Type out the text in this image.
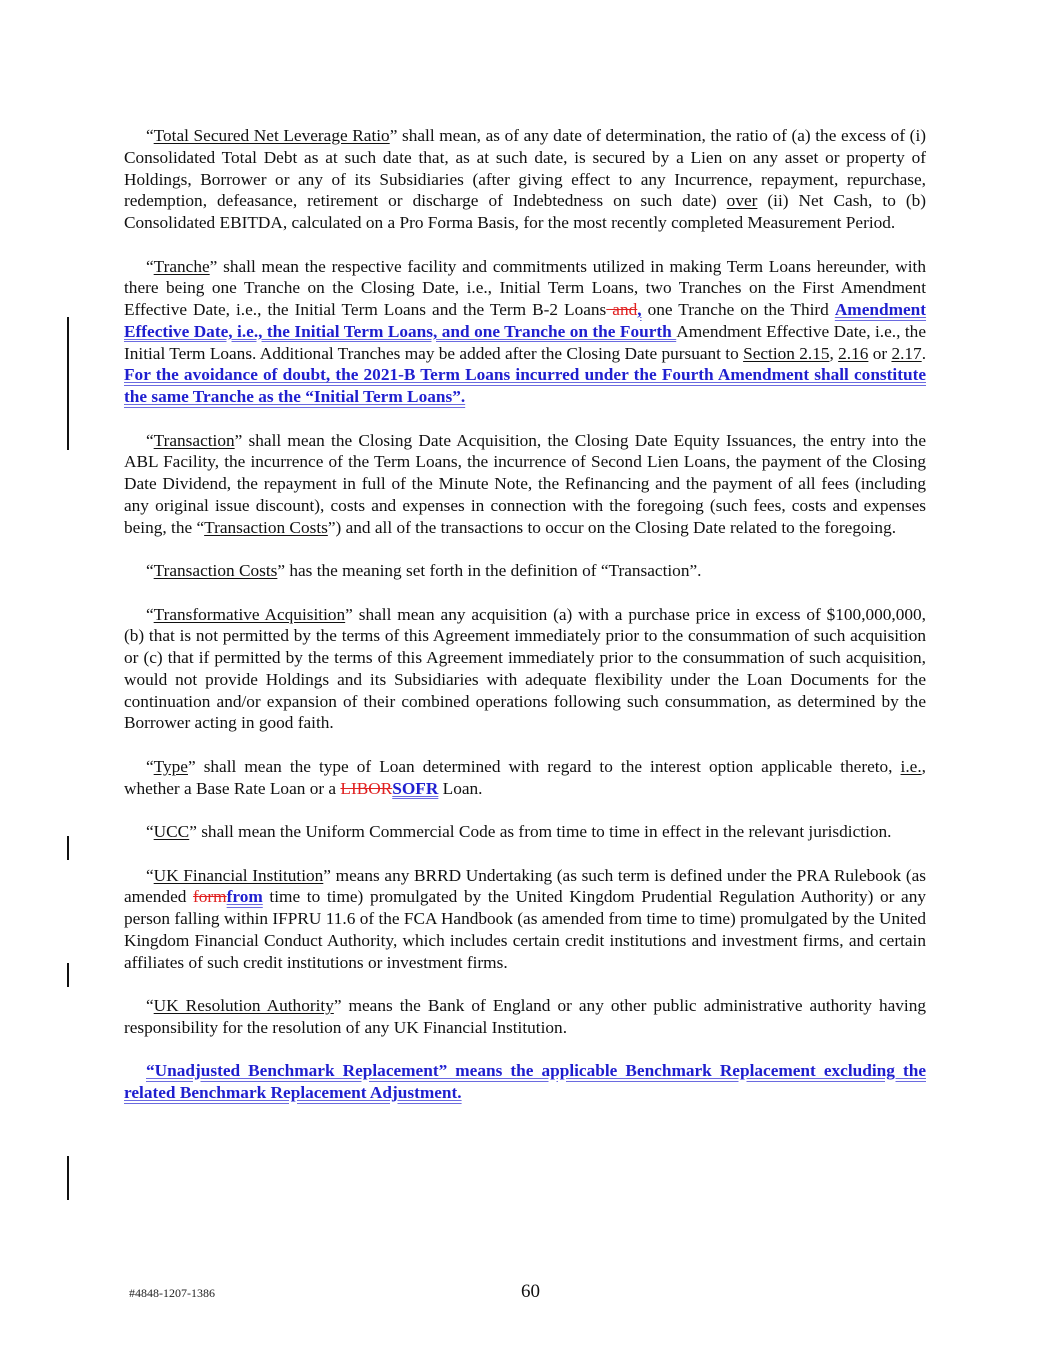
“Total Secured Net Leverage Ratio” shall mean, as of any date of determination, the ratio of (a) the excess of (i) Consolidated Total Debt as at such date that, as at such date, is secured by a Lien on any asset or property of Holdings, Borrower or any of its Subsidiaries (after giving effect to any Incurrence, repayment, repurchase, redemption, defeasance, retirement or discharge of Indebtedness on such date) over (ii) Net Cash, to (b) Consolidated EBITDA, calculated on a Pro Forma Basis, for the most recently completed Measurement Period.

“Tranche” shall mean the respective facility and commitments utilized in making Term Loans hereunder, with there being one Tranche on the Closing Date, i.e., Initial Term Loans, two Tranches on the First Amendment Effective Date, i.e., the Initial Term Loans and the Term B-2 Loans and, one Tranche on the Third Amendment Effective Date, i.e., the Initial Term Loans, and one Tranche on the Fourth Amendment Effective Date, i.e., the Initial Term Loans. Additional Tranches may be added after the Closing Date pursuant to Section 2.15, 2.16 or 2.17. For the avoidance of doubt, the 2021-B Term Loans incurred under the Fourth Amendment shall constitute the same Tranche as the “Initial Term Loans”.

“Transaction” shall mean the Closing Date Acquisition, the Closing Date Equity Issuances, the entry into the ABL Facility, the incurrence of the Term Loans, the incurrence of Second Lien Loans, the payment of the Closing Date Dividend, the repayment in full of the Minute Note, the Refinancing and the payment of all fees (including any original issue discount), costs and expenses in connection with the foregoing (such fees, costs and expenses being, the “Transaction Costs”) and all of the transactions to occur on the Closing Date related to the foregoing.

“Transaction Costs” has the meaning set forth in the definition of “Transaction”.

“Transformative Acquisition” shall mean any acquisition (a) with a purchase price in excess of $100,000,000, (b) that is not permitted by the terms of this Agreement immediately prior to the consummation of such acquisition or (c) that if permitted by the terms of this Agreement immediately prior to the consummation of such acquisition, would not provide Holdings and its Subsidiaries with adequate flexibility under the Loan Documents for the continuation and/or expansion of their combined operations following such consummation, as determined by the Borrower acting in good faith.

“Type” shall mean the type of Loan determined with regard to the interest option applicable thereto, i.e., whether a Base Rate Loan or a LIBORSOFR Loan.

“UCC” shall mean the Uniform Commercial Code as from time to time in effect in the relevant jurisdiction.

“UK Financial Institution” means any BRRD Undertaking (as such term is defined under the PRA Rulebook (as amended formfrom time to time) promulgated by the United Kingdom Prudential Regulation Authority) or any person falling within IFPRU 11.6 of the FCA Handbook (as amended from time to time) promulgated by the United Kingdom Financial Conduct Authority, which includes certain credit institutions and investment firms, and certain affiliates of such credit institutions or investment firms.

“UK Resolution Authority” means the Bank of England or any other public administrative authority having responsibility for the resolution of any UK Financial Institution.

“Unadjusted Benchmark Replacement” means the applicable Benchmark Replacement excluding the related Benchmark Replacement Adjustment.

#4848-1207-1386	60
